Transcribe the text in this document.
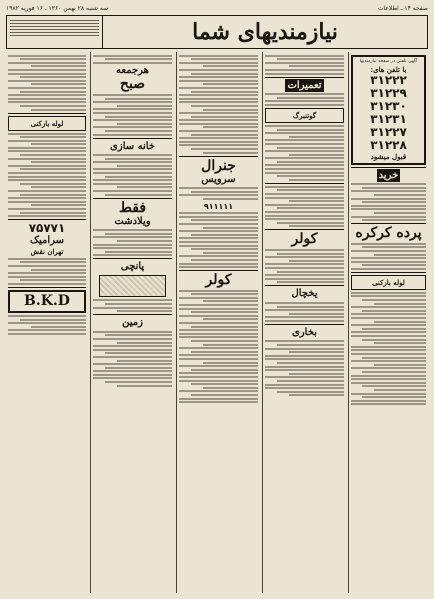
صفحه ۱۴ ـ اطلاعات
سه شنبه ۲۸ بهمن ۱۳۶۰ ـ ۱۶ فوریه ۱۹۸۲
نیازمندیهای شما
آگهی تلفنی در صفحه نیازمندیها
با تلفن های:
۳۱۲۲۲
۳۱۲۲۹
۳۱۲۳۰
۳۱۲۳۱
۳۱۲۲۷
۳۱۲۲۸
قبول میشود
خرید
پرده کرکره
لوله بازکنی
تعمیرات
گوتنبرگ
کولر
یخچال
بخاری
جنرال
سرویس
۹۱۱۱۱۱
کولر
هرجمعه
صبح
خانه سازی
فقط
ویلادشت
پانچی
زمین
لوله بازکنی
۷۵۷۷۱
سرامیک
تهران نقش
B.K.D
